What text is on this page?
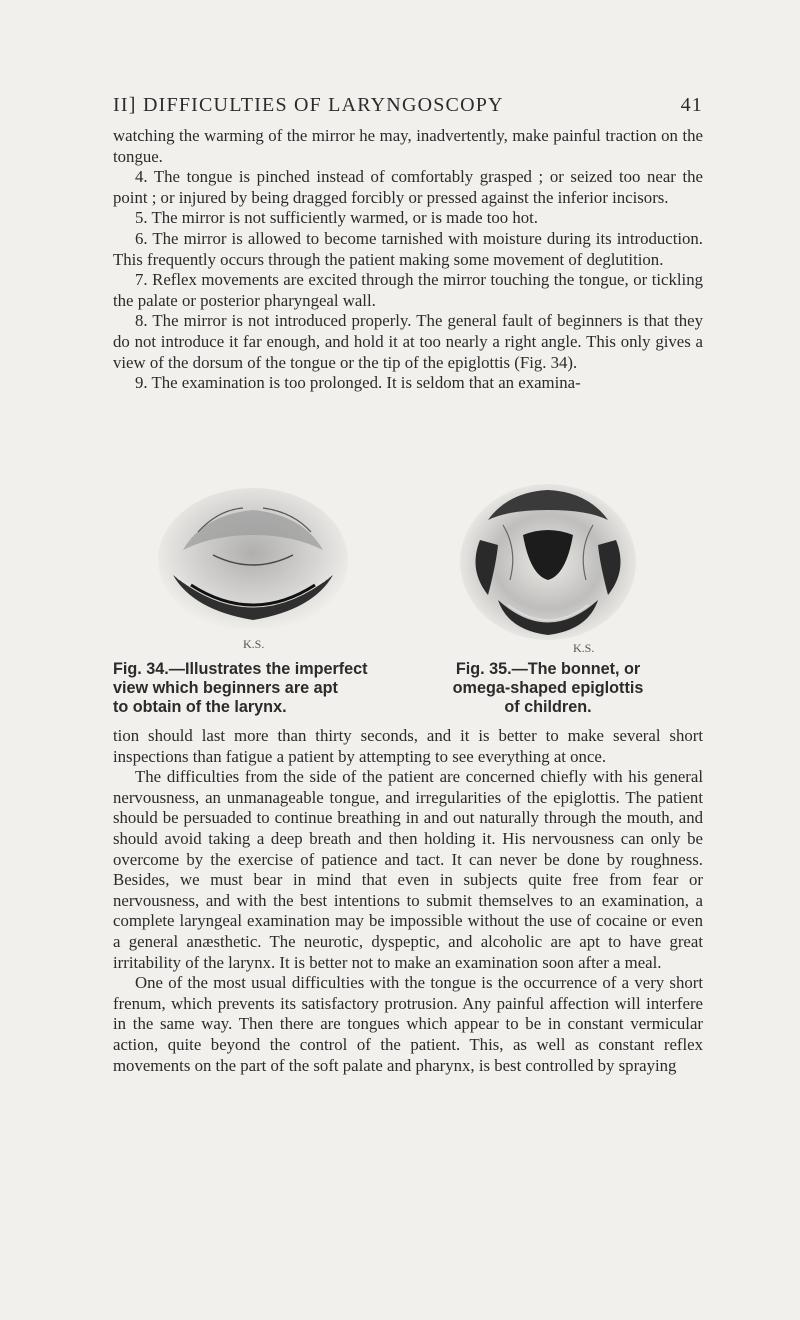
II] DIFFICULTIES OF LARYNGOSCOPY	41

watching the warming of the mirror he may, inadvertently, make painful traction on the tongue.

4. The tongue is pinched instead of comfortably grasped ; or seized too near the point ; or injured by being dragged forcibly or pressed against the inferior incisors.

5. The mirror is not sufficiently warmed, or is made too hot.

6. The mirror is allowed to become tarnished with moisture during its introduction. This frequently occurs through the patient making some movement of deglutition.

7. Reflex movements are excited through the mirror touching the tongue, or tickling the palate or posterior pharyngeal wall.

8. The mirror is not introduced properly. The general fault of beginners is that they do not introduce it far enough, and hold it at too nearly a right angle. This only gives a view of the dorsum of the tongue or the tip of the epiglottis (Fig. 34).

9. The examination is too prolonged. It is seldom that an examina-

K.S.
Fig. 34.—Illustrates the imperfect
view which beginners are apt
to obtain of the larynx.
K.S.
Fig. 35.—The bonnet, or
omega-shaped epiglottis
of children.

tion should last more than thirty seconds, and it is better to make several short inspections than fatigue a patient by attempting to see everything at once.

The difficulties from the side of the patient are concerned chiefly with his general nervousness, an unmanageable tongue, and irregularities of the epiglottis. The patient should be persuaded to continue breathing in and out naturally through the mouth, and should avoid taking a deep breath and then holding it. His nervousness can only be overcome by the exercise of patience and tact. It can never be done by roughness. Besides, we must bear in mind that even in subjects quite free from fear or nervousness, and with the best intentions to submit themselves to an examination, a complete laryngeal examination may be impossible without the use of cocaine or even a general anæsthetic. The neurotic, dyspeptic, and alcoholic are apt to have great irritability of the larynx. It is better not to make an examination soon after a meal.

One of the most usual difficulties with the tongue is the occurrence of a very short frenum, which prevents its satisfactory protrusion. Any painful affection will interfere in the same way. Then there are tongues which appear to be in constant vermicular action, quite beyond the control of the patient. This, as well as constant reflex movements on the part of the soft palate and pharynx, is best controlled by spraying
